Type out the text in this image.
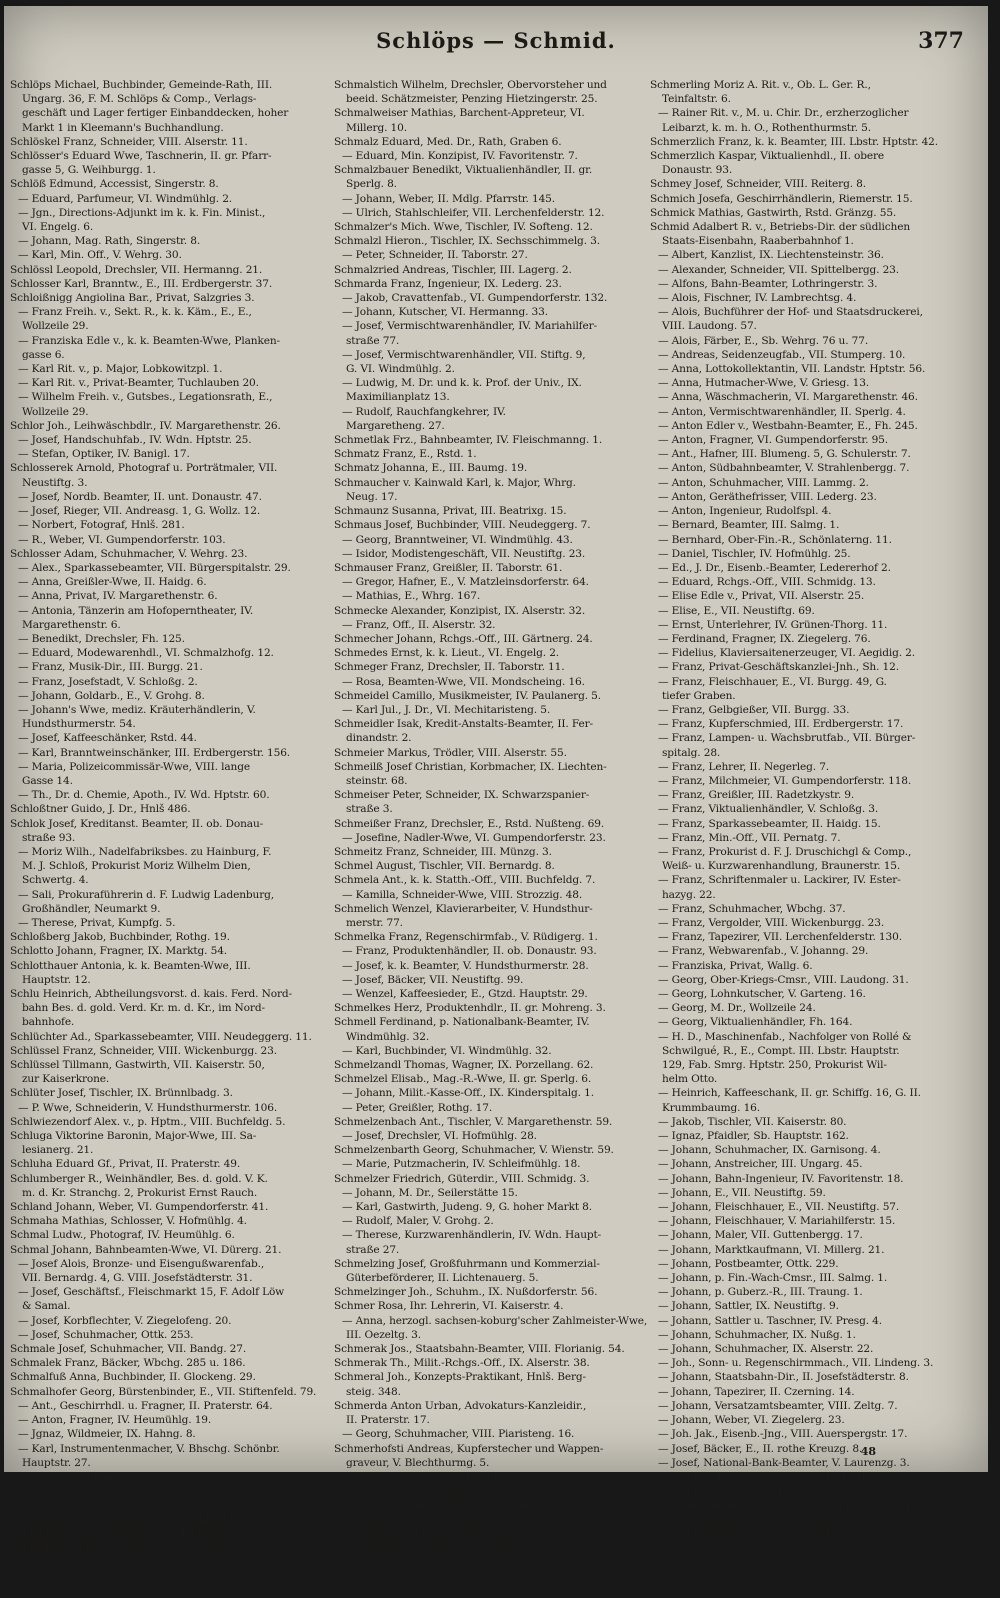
Schlöps — Schmid.	377
Schlöps Michael, Buchbinder, Gemeinde-Rath, III.
Ungarg. 36, F. M. Schlöps & Comp., Verlags-
geschäft und Lager fertiger Einbanddecken, hoher
Markt 1 in Kleemann's Buchhandlung.
Schlöskel Franz, Schneider, VIII. Alserstr. 11.
Schlösser's Eduard Wwe, Taschnerin, II. gr. Pfarr-
gasse 5, G. Weihburgg. 1.
Schlöß Edmund, Accessist, Singerstr. 8.
— Eduard, Parfumeur, VI. Windmühlg. 2.
— Jgn., Directions-Adjunkt im k. k. Fin. Minist.,
VI. Engelg. 6.
— Johann, Mag. Rath, Singerstr. 8.
— Karl, Min. Off., V. Wehrg. 30.
Schlössl Leopold, Drechsler, VII. Hermanng. 21.
Schlosser Karl, Branntw., E., III. Erdbergerstr. 37.
Schloißnigg Angiolina Bar., Privat, Salzgries 3.
— Franz Freih. v., Sekt. R., k. k. Käm., E., E.,
Wollzeile 29.
— Franziska Edle v., k. k. Beamten-Wwe, Planken-
gasse 6.
— Karl Rit. v., p. Major, Lobkowitzpl. 1.
— Karl Rit. v., Privat-Beamter, Tuchlauben 20.
— Wilhelm Freih. v., Gutsbes., Legationsrath, E.,
Wollzeile 29.
Schlor Joh., Leihwäschbdlr., IV. Margarethenstr. 26.
— Josef, Handschuhfab., IV. Wdn. Hptstr. 25.
— Stefan, Optiker, IV. Banigl. 17.
Schlosserek Arnold, Photograf u. Porträtmaler, VII.
Neustiftg. 3.
— Josef, Nordb. Beamter, II. unt. Donaustr. 47.
— Josef, Rieger, VII. Andreasg. 1, G. Wollz. 12.
— Norbert, Fotograf, Hnlš. 281.
— R., Weber, VI. Gumpendorferstr. 103.
Schlosser Adam, Schuhmacher, V. Wehrg. 23.
— Alex., Sparkassebeamter, VII. Bürgerspitalstr. 29.
— Anna, Greißler-Wwe, II. Haidg. 6.
— Anna, Privat, IV. Margarethenstr. 6.
— Antonia, Tänzerin am Hofoperntheater, IV.
Margarethenstr. 6.
— Benedikt, Drechsler, Fh. 125.
— Eduard, Modewarenhdl., VI. Schmalzhofg. 12.
— Franz, Musik-Dir., III. Burgg. 21.
— Franz, Josefstadt, V. Schloßg. 2.
— Johann, Goldarb., E., V. Grohg. 8.
— Johann's Wwe, mediz. Kräuterhändlerin, V.
Hundsthurmerstr. 54.
— Josef, Kaffeeschänker, Rstd. 44.
— Karl, Branntweinschänker, III. Erdbergerstr. 156.
— Maria, Polizeicommissär-Wwe, VIII. lange
Gasse 14.
— Th., Dr. d. Chemie, Apoth., IV. Wd. Hptstr. 60.
Schloßtner Guido, J. Dr., Hnlš 486.
Schlok Josef, Kreditanst. Beamter, II. ob. Donau-
straße 93.
— Moriz Wilh., Nadelfabriksbes. zu Hainburg, F.
M. J. Schloß, Prokurist Moriz Wilhelm Dien,
Schwertg. 4.
— Sali, Prokuraführerin d. F. Ludwig Ladenburg,
Großhändler, Neumarkt 9.
— Therese, Privat, Kumpfg. 5.
Schloßberg Jakob, Buchbinder, Rothg. 19.
Schlotto Johann, Fragner, IX. Marktg. 54.
Schlotthauer Antonia, k. k. Beamten-Wwe, III.
Hauptstr. 12.
Schlu Heinrich, Abtheilungsvorst. d. kais. Ferd. Nord-
bahn Bes. d. gold. Verd. Kr. m. d. Kr., im Nord-
bahnhofe.
Schlüchter Ad., Sparkassebeamter, VIII. Neudeggerg. 11.
Schlüssel Franz, Schneider, VIII. Wickenburgg. 23.
Schlüssel Tillmann, Gastwirth, VII. Kaiserstr. 50,
zur Kaiserkrone.
Schlüter Josef, Tischler, IX. Brünnlbadg. 3.
— P. Wwe, Schneiderin, V. Hundsthurmerstr. 106.
Schlwiezendorf Alex. v., p. Hptm., VIII. Buchfeldg. 5.
Schluga Viktorine Baronin, Major-Wwe, III. Sa-
lesianerg. 21.
Schluha Eduard Gf., Privat, II. Praterstr. 49.
Schlumberger R., Weinhändler, Bes. d. gold. V. K.
m. d. Kr. Stranchg. 2, Prokurist Ernst Rauch.
Schland Johann, Weber, VI. Gumpendorferstr. 41.
Schmaha Mathias, Schlosser, V. Hofmühlg. 4.
Schmal Ludw., Photograf, IV. Heumühlg. 6.
Schmal Johann, Bahnbeamten-Wwe, VI. Dürerg. 21.
— Josef Alois, Bronze- und Eisengußwarenfab.,
VII. Bernardg. 4, G. VIII. Josefstädterstr. 31.
— Josef, Geschäftsf., Fleischmarkt 15, F. Adolf Löw
& Samal.
— Josef, Korbflechter, V. Ziegelofeng. 20.
— Josef, Schuhmacher, Ottk. 253.
Schmale Josef, Schuhmacher, VII. Bandg. 27.
Schmalek Franz, Bäcker, Wbchg. 285 u. 186.
Schmalfuß Anna, Buchbinder, II. Glockeng. 29.
Schmalhofer Georg, Bürstenbinder, E., VII. Stiftenfeld. 79.
— Ant., Geschirrhdl. u. Fragner, II. Praterstr. 64.
— Anton, Fragner, IV. Heumühlg. 19.
— Jgnaz, Wildmeier, IX. Hahng. 8.
— Karl, Instrumentenmacher, V. Bhschg. Schönbr.
Hauptstr. 27.
— Paul, Bankbeamter, Wollzeile 16.
— Paul, Chokoladefab., Genoss. Vorstand, Schu-
lerstraße 18.
Schmalinger Jos., Goldarb., II. Kettenbrückeng. 10.
Schmall Johann, Korbmacher, V. Pilgramg. 6.
Schmalzinger Kaspar, Schneider, V. Wienstr. 71.
Schmalstich Wilhelm, Drechsler, Obervorsteher und
beeid. Schätzmeister, Penzing Hietzingerstr. 25.
Schmalweiser Mathias, Barchent-Appreteur, VI.
Millerg. 10.
Schmalz Eduard, Med. Dr., Rath, Graben 6.
— Eduard, Min. Konzipist, IV. Favoritenstr. 7.
Schmalzbauer Benedikt, Viktualienhändler, II. gr.
Sperlg. 8.
— Johann, Weber, II. Mdlg. Pfarrstr. 145.
— Ulrich, Stahlschleifer, VII. Lerchenfelderstr. 12.
Schmalzer's Mich. Wwe, Tischler, IV. Softeng. 12.
Schmalzl Hieron., Tischler, IX. Sechsschimmelg. 3.
— Peter, Schneider, II. Taborstr. 27.
Schmalzried Andreas, Tischler, III. Lagerg. 2.
Schmarda Franz, Ingenieur, IX. Lederg. 23.
— Jakob, Cravattenfab., VI. Gumpendorferstr. 132.
— Johann, Kutscher, VI. Hermanng. 33.
— Josef, Vermischtwarenhändler, IV. Mariahilfer-
straße 77.
— Josef, Vermischtwarenhändler, VII. Stiftg. 9,
G. VI. Windmühlg. 2.
— Ludwig, M. Dr. und k. k. Prof. der Univ., IX.
Maximilianplatz 13.
— Rudolf, Rauchfangkehrer, IV.
Margaretheng. 27.
Schmetlak Frz., Bahnbeamter, IV. Fleischmanng. 1.
Schmatz Franz, E., Rstd. 1.
Schmatz Johanna, E., III. Baumg. 19.
Schmaucher v. Kainwald Karl, k. Major, Whrg.
Neug. 17.
Schmaunz Susanna, Privat, III. Beatrixg. 15.
Schmaus Josef, Buchbinder, VIII. Neudeggerg. 7.
— Georg, Branntweiner, VI. Windmühlg. 43.
— Isidor, Modistengeschäft, VII. Neustiftg. 23.
Schmauser Franz, Greißler, II. Taborstr. 61.
— Gregor, Hafner, E., V. Matzleinsdorferstr. 64.
— Mathias, E., Whrg. 167.
Schmecke Alexander, Konzipist, IX. Alserstr. 32.
— Franz, Off., II. Alserstr. 32.
Schmecher Johann, Rchgs.-Off., III. Gärtnerg. 24.
Schmedes Ernst, k. k. Lieut., VI. Engelg. 2.
Schmeger Franz, Drechsler, II. Taborstr. 11.
— Rosa, Beamten-Wwe, VII. Mondscheing. 16.
Schmeidel Camillo, Musikmeister, IV. Paulanerg. 5.
— Karl Jul., J. Dr., VI. Mechitaristeng. 5.
Schmeidler Isak, Kredit-Anstalts-Beamter, II. Fer-
dinandstr. 2.
Schmeier Markus, Trödler, VIII. Alserstr. 55.
Schmeilß Josef Christian, Korbmacher, IX. Liechten-
steinstr. 68.
Schmeiser Peter, Schneider, IX. Schwarzspanier-
straße 3.
Schmeißer Franz, Drechsler, E., Rstd. Nußteng. 69.
— Josefine, Nadler-Wwe, VI. Gumpendorferstr. 23.
Schmeitz Franz, Schneider, III. Münzg. 3.
Schmel August, Tischler, VII. Bernardg. 8.
Schmela Ant., k. k. Statth.-Off., VIII. Buchfeldg. 7.
— Kamilla, Schneider-Wwe, VIII. Strozzig. 48.
Schmelich Wenzel, Klavierarbeiter, V. Hundsthur-
merstr. 77.
Schmelka Franz, Regenschirmfab., V. Rüdigerg. 1.
— Franz, Produktenhändler, II. ob. Donaustr. 93.
— Josef, k. k. Beamter, V. Hundsthurmerstr. 28.
— Josef, Bäcker, VII. Neustiftg. 99.
— Wenzel, Kaffeesieder, E., Gtzd. Hauptstr. 29.
Schmelkes Herz, Produktenhdlr., II. gr. Mohreng. 3.
Schmell Ferdinand, p. Nationalbank-Beamter, IV.
Windmühlg. 32.
— Karl, Buchbinder, VI. Windmühlg. 32.
Schmelzandl Thomas, Wagner, IX. Porzellang. 62.
Schmelzel Elisab., Mag.-R.-Wwe, II. gr. Sperlg. 6.
— Johann, Milit.-Kasse-Off., IX. Kinderspitalg. 1.
— Peter, Greißler, Rothg. 17.
Schmelzenbach Ant., Tischler, V. Margarethenstr. 59.
— Josef, Drechsler, VI. Hofmühlg. 28.
Schmelzenbarth Georg, Schuhmacher, V. Wienstr. 59.
— Marie, Putzmacherin, IV. Schleifmühlg. 18.
Schmelzer Friedrich, Güterdir., VIII. Schmidg. 3.
— Johann, M. Dr., Seilerstätte 15.
— Karl, Gastwirth, Judeng. 9, G. hoher Markt 8.
— Rudolf, Maler, V. Grohg. 2.
— Therese, Kurzwarenhändlerin, IV. Wdn. Haupt-
straße 27.
Schmelzing Josef, Großfuhrmann und Kommerzial-
Güterbeförderer, II. Lichtenauerg. 5.
Schmelzinger Joh., Schuhm., IX. Nußdorferstr. 56.
Schmer Rosa, Ihr. Lehrerin, VI. Kaiserstr. 4.
— Anna, herzogl. sachsen-koburg'scher Zahlmeister-Wwe,
III. Oezeltg. 3.
Schmerak Jos., Staatsbahn-Beamter, VIII. Florianig. 54.
Schmerak Th., Milit.-Rchgs.-Off., IX. Alserstr. 38.
Schmeral Joh., Konzepts-Praktikant, Hnlš. Berg-
steig. 348.
Schmerda Anton Urban, Advokaturs-Kanzleidir.,
II. Praterstr. 17.
— Georg, Schuhmacher, VIII. Piaristeng. 16.
Schmerhofsti Andreas, Kupferstecher und Wappen-
graveur, V. Blechthurmg. 5.
— Ignaz, Spängler, IV. Magdalenerstr. 27.
Schmerla Karl, Fournierholzhändler, Fh. 152.
Schmerling Adele v., Privat, Kärnthnerstr. 31.
— Anton Rit. v., Staats-Minister, wirkl. Gh.-R.,
Großkreuz und Ritter, Herreng. 13.
— Josef Ritt. v., FML., G. Regiments-Inh.,
Ehr. Kr. Cmdr., n. k. hl. Ord. Mitgl. d. gek.
Gesellsch., Bauernmarkt 1.
— Ludwig, Ingrossist, IV. Wienstr. 15.
Schmerling Moriz A. Rit. v., Ob. L. Ger. R.,
Teinfaltstr. 6.
— Rainer Rit. v., M. u. Chir. Dr., erzherzoglicher
Leibarzt, k. m. h. O., Rothenthurmstr. 5.
Schmerzlich Franz, k. k. Beamter, III. Lbstr. Hptstr. 42.
Schmerzlich Kaspar, Viktualienhdl., II. obere
Donaustr. 93.
Schmey Josef, Schneider, VIII. Reiterg. 8.
Schmich Josefa, Geschirrhändlerin, Riemerstr. 15.
Schmick Mathias, Gastwirth, Rstd. Gränzg. 55.
Schmid Adalbert R. v., Betriebs-Dir. der südlichen
Staats-Eisenbahn, Raaberbahnhof 1.
— Albert, Kanzlist, IX. Liechtensteinstr. 36.
— Alexander, Schneider, VII. Spittelbergg. 23.
— Alfons, Bahn-Beamter, Lothringerstr. 3.
— Alois, Fischner, IV. Lambrechtsg. 4.
— Alois, Buchführer der Hof- und Staatsdruckerei,
VIII. Laudong. 57.
— Alois, Färber, E., Sb. Wehrg. 76 u. 77.
— Andreas, Seidenzeugfab., VII. Stumperg. 10.
— Anna, Lottokollektantin, VII. Landstr. Hptstr. 56.
— Anna, Hutmacher-Wwe, V. Griesg. 13.
— Anna, Wäschmacherin, VI. Margarethenstr. 46.
— Anton, Vermischtwarenhändler, II. Sperlg. 4.
— Anton Edler v., Westbahn-Beamter, E., Fh. 245.
— Anton, Fragner, VI. Gumpendorferstr. 95.
— Ant., Hafner, III. Blumeng. 5, G. Schulerstr. 7.
— Anton, Südbahnbeamter, V. Strahlenbergg. 7.
— Anton, Schuhmacher, VIII. Lammg. 2.
— Anton, Geräthefrisser, VIII. Lederg. 23.
— Anton, Ingenieur, Rudolfspl. 4.
— Bernard, Beamter, III. Salmg. 1.
— Bernhard, Ober-Fin.-R., Schönlaterng. 11.
— Daniel, Tischler, IV. Hofmühlg. 25.
— Ed., J. Dr., Eisenb.-Beamter, Ledererhof 2.
— Eduard, Rchgs.-Off., VIII. Schmidg. 13.
— Elise Edle v., Privat, VII. Alserstr. 25.
— Elise, E., VII. Neustiftg. 69.
— Ernst, Unterlehrer, IV. Grünen-Thorg. 11.
— Ferdinand, Fragner, IX. Ziegelerg. 76.
— Fidelius, Klaviersaitenerzeuger, VI. Aegidig. 2.
— Franz, Privat-Geschäftskanzlei-Jnh., Sh. 12.
— Franz, Fleischhauer, E., VI. Burgg. 49, G.
tiefer Graben.
— Franz, Gelbgießer, VII. Burgg. 33.
— Franz, Kupferschmied, III. Erdbergerstr. 17.
— Franz, Lampen- u. Wachsbrutfab., VII. Bürger-
spitalg. 28.
— Franz, Lehrer, II. Negerleg. 7.
— Franz, Milchmeier, VI. Gumpendorferstr. 118.
— Franz, Greißler, III. Radetzkystr. 9.
— Franz, Viktualienhändler, V. Schloßg. 3.
— Franz, Sparkassebeamter, II. Haidg. 15.
— Franz, Min.-Off., VII. Pernatg. 7.
— Franz, Prokurist d. F. J. Druschichgl & Comp.,
Weiß- u. Kurzwarenhandlung, Braunerstr. 15.
— Franz, Schriftenmaler u. Lackirer, IV. Ester-
hazyg. 22.
— Franz, Schuhmacher, Wbchg. 37.
— Franz, Vergolder, VIII. Wickenburgg. 23.
— Franz, Tapezirer, VII. Lerchenfelderstr. 130.
— Franz, Webwarenfab., V. Johanng. 29.
— Franziska, Privat, Wallg. 6.
— Georg, Ober-Kriegs-Cmsr., VIII. Laudong. 31.
— Georg, Lohnkutscher, V. Garteng. 16.
— Georg, M. Dr., Wollzeile 24.
— Georg, Viktualienhändler, Fh. 164.
— H. D., Maschinenfab., Nachfolger von Rollé &
Schwilgué, R., E., Compt. III. Lbstr. Hauptstr.
129, Fab. Smrg. Hptstr. 250, Prokurist Wil-
helm Otto.
— Heinrich, Kaffeeschank, II. gr. Schiffg. 16, G. II.
Krummbaumg. 16.
— Jakob, Tischler, VII. Kaiserstr. 80.
— Ignaz, Pfaidler, Sb. Hauptstr. 162.
— Johann, Schuhmacher, IX. Garnisong. 4.
— Johann, Anstreicher, III. Ungarg. 45.
— Johann, Bahn-Ingenieur, IV. Favoritenstr. 18.
— Johann, E., VII. Neustiftg. 59.
— Johann, Fleischhauer, E., VII. Neustiftg. 57.
— Johann, Fleischhauer, V. Mariahilferstr. 15.
— Johann, Maler, VII. Guttenbergg. 17.
— Johann, Marktkaufmann, VI. Millerg. 21.
— Johann, Postbeamter, Ottk. 229.
— Johann, p. Fin.-Wach-Cmsr., III. Salmg. 1.
— Johann, p. Guberz.-R., III. Traung. 1.
— Johann, Sattler, IX. Neustiftg. 9.
— Johann, Sattler u. Taschner, IV. Presg. 4.
— Johann, Schuhmacher, IX. Nußg. 1.
— Johann, Schuhmacher, IX. Alserstr. 22.
— Joh., Sonn- u. Regenschirmmach., VII. Lindeng. 3.
— Johann, Staatsbahn-Dir., II. Josefstädterstr. 8.
— Johann, Tapezirer, II. Czerning. 14.
— Johann, Versatzamtsbeamter, VIII. Zeltg. 7.
— Johann, Weber, VI. Ziegelerg. 23.
— Joh. Jak., Eisenb.-Jng., VIII. Auerspergstr. 17.
— Josef, Bäcker, E., II. rothe Kreuzg. 8.
— Josef, National-Bank-Beamter, V. Laurenzg. 3.
— Josef, k. k. Professor, Hoher Markt 10.
— Josef, Schneider, VIII. Josefstädterstr. 29.
— Josef, Gemeinde-Vorstand, VIII. Piaristeng. 41.
— Josef, Tabaktrafikant, IV. Colbeg 31.
— Josef, Beamter, III. Rennweg 47.
48
